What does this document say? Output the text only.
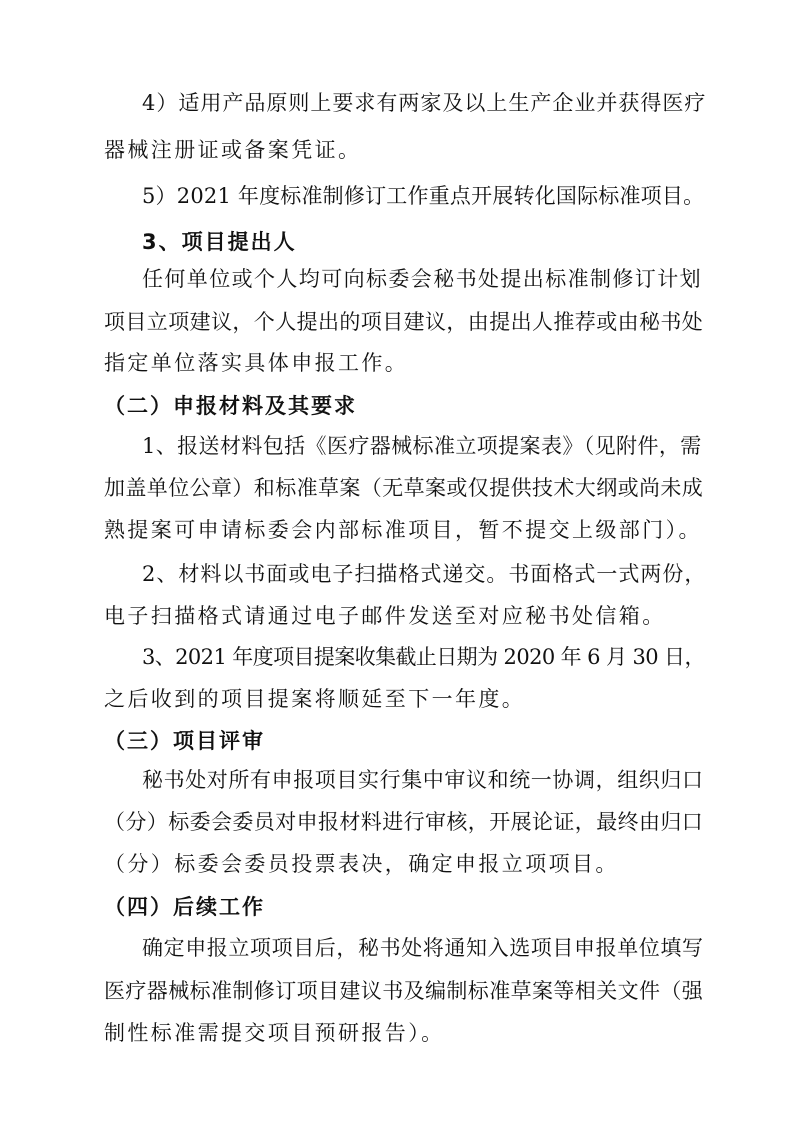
4）适用产品原则上要求有两家及以上生产企业并获得医疗
器械注册证或备案凭证。
5）2021 年度标准制修订工作重点开展转化国际标准项目。
3、项目提出人
任何单位或个人均可向标委会秘书处提出标准制修订计划
项目立项建议，个人提出的项目建议，由提出人推荐或由秘书处
指定单位落实具体申报工作。
（二）申报材料及其要求
1、报送材料包括《医疗器械标准立项提案表》（见附件，需
加盖单位公章）和标准草案（无草案或仅提供技术大纲或尚未成
熟提案可申请标委会内部标准项目，暂不提交上级部门）。
2、材料以书面或电子扫描格式递交。书面格式一式两份，
电子扫描格式请通过电子邮件发送至对应秘书处信箱。
3、2021 年度项目提案收集截止日期为 2020 年 6 月 30 日，
之后收到的项目提案将顺延至下一年度。
（三）项目评审
秘书处对所有申报项目实行集中审议和统一协调，组织归口
（分）标委会委员对申报材料进行审核，开展论证，最终由归口
（分）标委会委员投票表决，确定申报立项项目。
（四）后续工作
确定申报立项项目后，秘书处将通知入选项目申报单位填写
医疗器械标准制修订项目建议书及编制标准草案等相关文件（强
制性标准需提交项目预研报告）。
